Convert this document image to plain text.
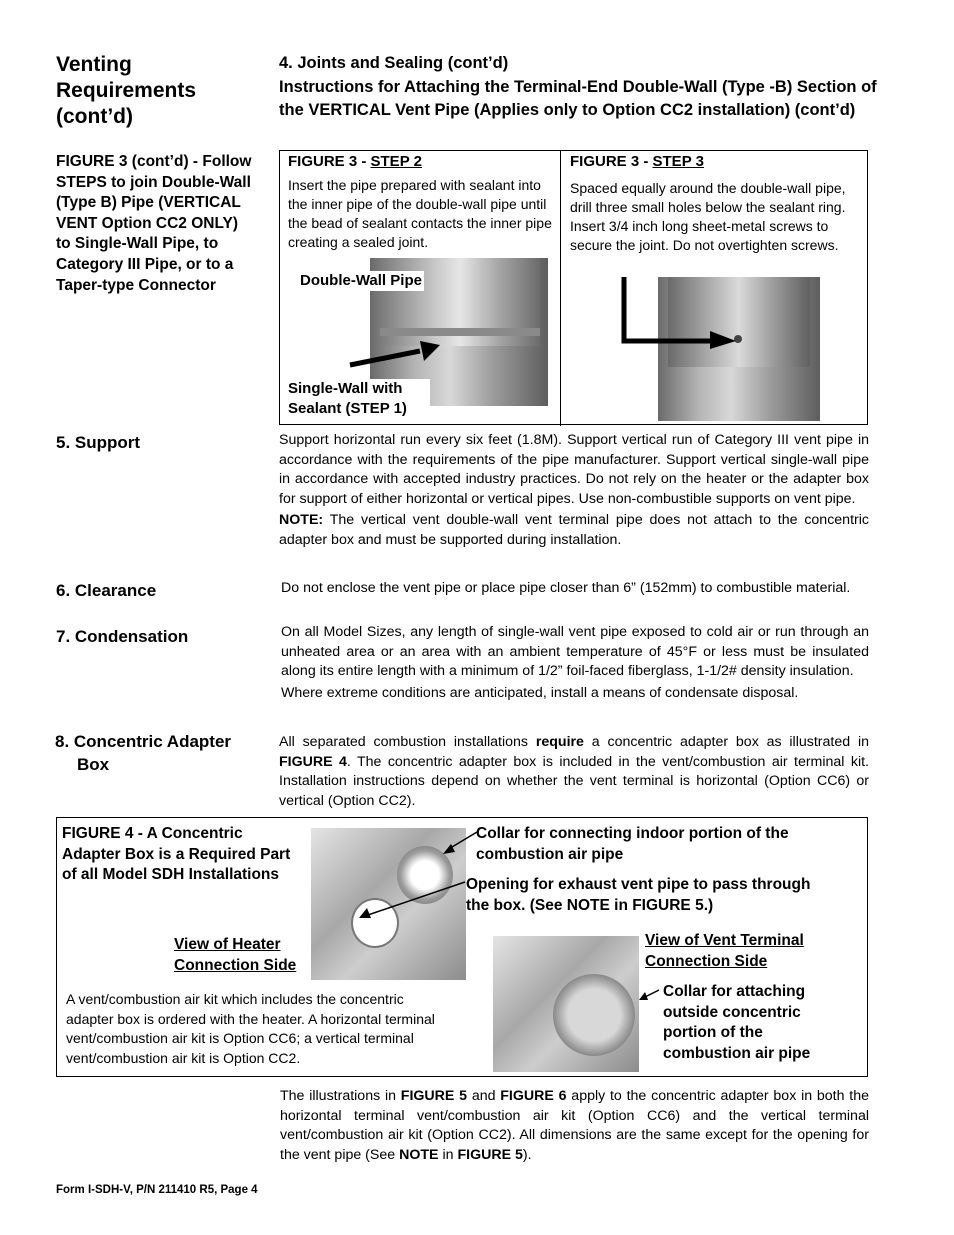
Venting
Requirements
(cont’d)
FIGURE 3 (cont’d) - Follow STEPS to join Double-Wall (Type B) Pipe (VERTICAL VENT Option CC2 ONLY) to Single-Wall Pipe, to Category III Pipe, or to a Taper-type Connector
4. Joints and Sealing (cont’d)
Instructions for Attaching the Terminal-End Double-Wall (Type -B) Section of the VERTICAL Vent Pipe (Applies only to Option CC2 installation) (cont’d)
FIGURE 3 - STEP 2
Insert the pipe prepared with sealant into the inner pipe of the double-wall pipe until the bead of sealant contacts the inner pipe creating a sealed joint.
Double-Wall Pipe
Single-Wall with
Sealant (STEP 1)
FIGURE 3 - STEP 3
Spaced equally around the double-wall pipe, drill three small holes below the sealant ring. Insert 3/4 inch long sheet-metal screws to secure the joint. Do not overtighten screws.
5. Support	Support horizontal run every six feet (1.8M). Support vertical run of Category III vent pipe in accordance with the requirements of the pipe manufacturer. Support vertical single-wall pipe in accordance with accepted industry practices. Do not rely on the heater or the adapter box for support of either horizontal or vertical pipes. Use non-combustible supports on vent pipe.
NOTE: The vertical vent double-wall vent terminal pipe does not attach to the concentric adapter box and must be supported during installation.
6. Clearance	Do not enclose the vent pipe or place pipe closer than 6” (152mm) to combustible material.
7. Condensation	On all Model Sizes, any length of single-wall vent pipe exposed to cold air or run through an unheated area or an area with an ambient temperature of 45°F or less must be insulated along its entire length with a minimum of 1/2” foil-faced fiberglass, 1-1/2# density insulation.
Where extreme conditions are anticipated, install a means of condensate disposal.
8. Concentric Adapter
Box
All separated combustion installations require a concentric adapter box as illustrated in FIGURE 4. The concentric adapter box is included in the vent/combustion air terminal kit. Installation instructions depend on whether the vent terminal is horizontal (Option CC6) or vertical (Option CC2).
FIGURE 4 - A Concentric Adapter Box is a Required Part of all Model SDH Installations
Collar for connecting indoor portion of the
combustion air pipe
Opening for exhaust vent pipe to pass through
the box. (See NOTE in FIGURE 5.)
View of Heater
Connection Side
View of Vent Terminal
Connection Side
Collar for attaching outside concentric portion of the combustion air pipe
A vent/combustion air kit which includes the concentric adapter box is ordered with the heater. A horizontal terminal vent/combustion air kit is Option CC6; a vertical terminal vent/combustion air kit is Option CC2.
The illustrations in FIGURE 5 and FIGURE 6 apply to the concentric adapter box in both the horizontal terminal vent/combustion air kit (Option CC6) and the vertical terminal vent/combustion air kit (Option CC2). All dimensions are the same except for the opening for the vent pipe (See NOTE in FIGURE 5).
Form I-SDH-V, P/N 211410 R5, Page 4
